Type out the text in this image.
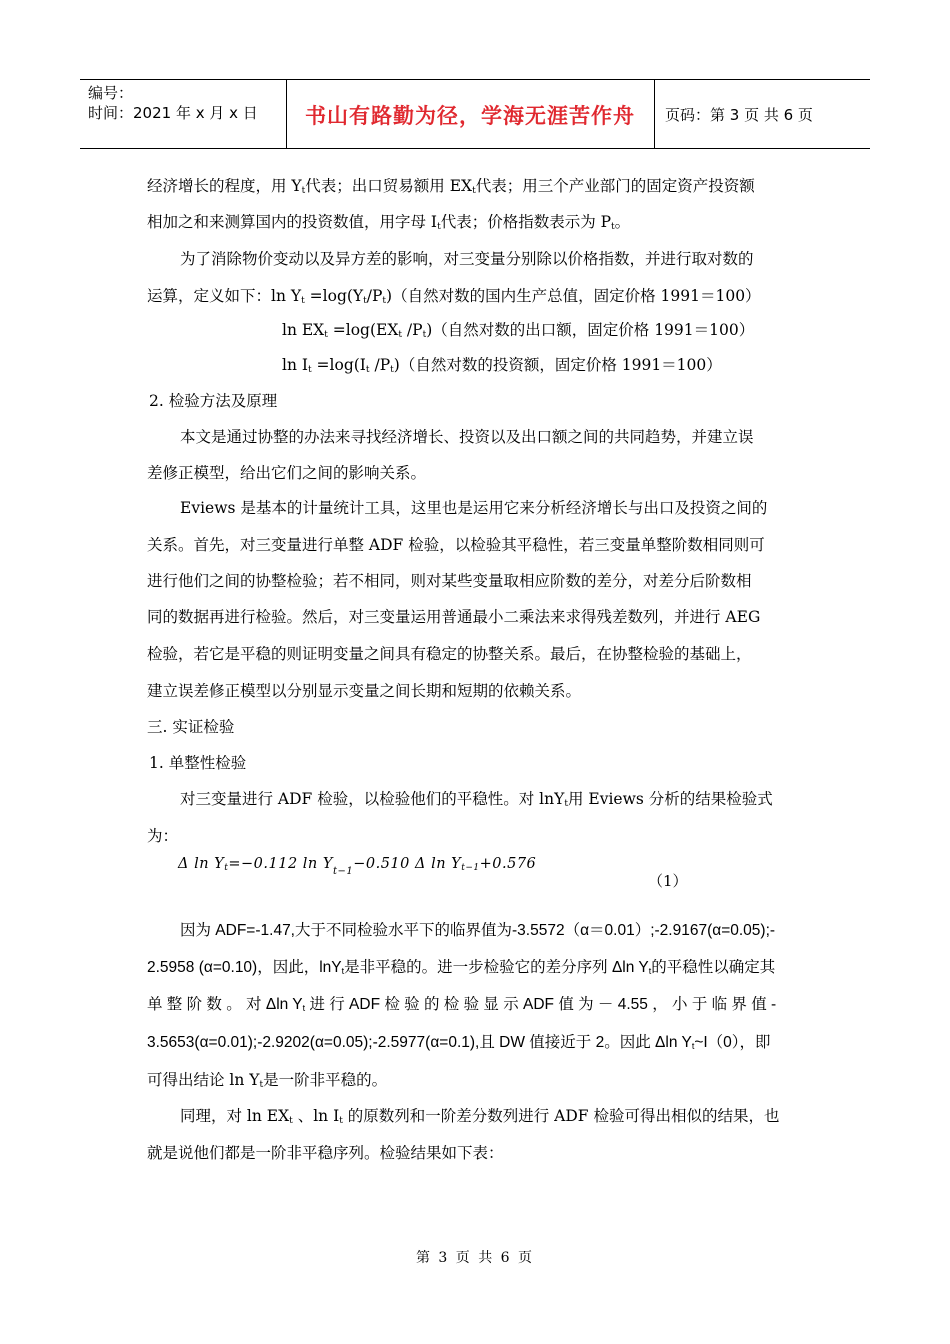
编号：
时间：2021 年 x 月 x 日	书山有路勤为径，学海无涯苦作舟	页码：第 3 页 共 6 页
经济增长的程度，用 $Y_t$代表；出口贸易额用 $EX_t$代表；用三个产业部门的固定资产投资额
相加之和来测算国内的投资数值，用字母 $I_t$代表；价格指数表示为 $P_t$。
为了消除物价变动以及异方差的影响，对三变量分别除以价格指数，并进行取对数的
运算，定义如下：$\ln Y_t =\log(Y_t/P_t)$（自然对数的国内生产总值，固定价格 1991＝100）
$\ln EX_t =\log(EX_t$ $/P_t$)（自然对数的出口额，固定价格 1991＝100）
$\ln I_t =\log(I_t$ $/P_t$)（自然对数的投资额，固定价格 1991＝100）
2. 检验方法及原理
本文是通过协整的办法来寻找经济增长、投资以及出口额之间的共同趋势，并建立误
差修正模型，给出它们之间的影响关系。
Eviews 是基本的计量统计工具，这里也是运用它来分析经济增长与出口及投资之间的
关系。首先，对三变量进行单整 ADF 检验，以检验其平稳性，若三变量单整阶数相同则可
进行他们之间的协整检验；若不相同，则对某些变量取相应阶数的差分，对差分后阶数相
同的数据再进行检验。然后，对三变量运用普通最小二乘法来求得残差数列，并进行 AEG
检验，若它是平稳的则证明变量之间具有稳定的协整关系。最后，在协整检验的基础上，
建立误差修正模型以分别显示变量之间长期和短期的依赖关系。
三. 实证检验
1. 单整性检验
对三变量进行 ADF 检验，以检验他们的平稳性。对 lnY$_t$用 Eviews 分析的结果检验式
为：
Δ $\ln Y_t=-0.112$ $\ln Y_{t-1}-0.510$ Δ $\ln Y_{t-1}+0.576$
（1）
因为 ADF=-1.47,大于不同检验水平下的临界值为-3.5572（α＝0.01）;-2.9167(α=0.05);-
2.5958 (α=0.10)，因此，lnY$_t$是非平稳的。进一步检验它的差分序列 Δln $Y_t$的平稳性以确定其
单 整 阶 数 。 对 Δln $Y_t$ 进 行 ADF 检 验 的 检 验 显 示 ADF 值 为 － 4.55 ， 小 于 临 界 值 -
3.5653(α=0.01);-2.9202(α=0.05);-2.5977(α=0.1),且 DW 值接近于 2。因此 Δln $Y_t\sim I(0)$，即
可得出结论 $\ln Y_t$是一阶非平稳的。
同理，对 $\ln EX_t$ 、$\ln I_t$ 的原数列和一阶差分数列进行 ADF 检验可得出相似的结果，也
就是说他们都是一阶非平稳序列。检验结果如下表：
第 3 页 共 6 页
